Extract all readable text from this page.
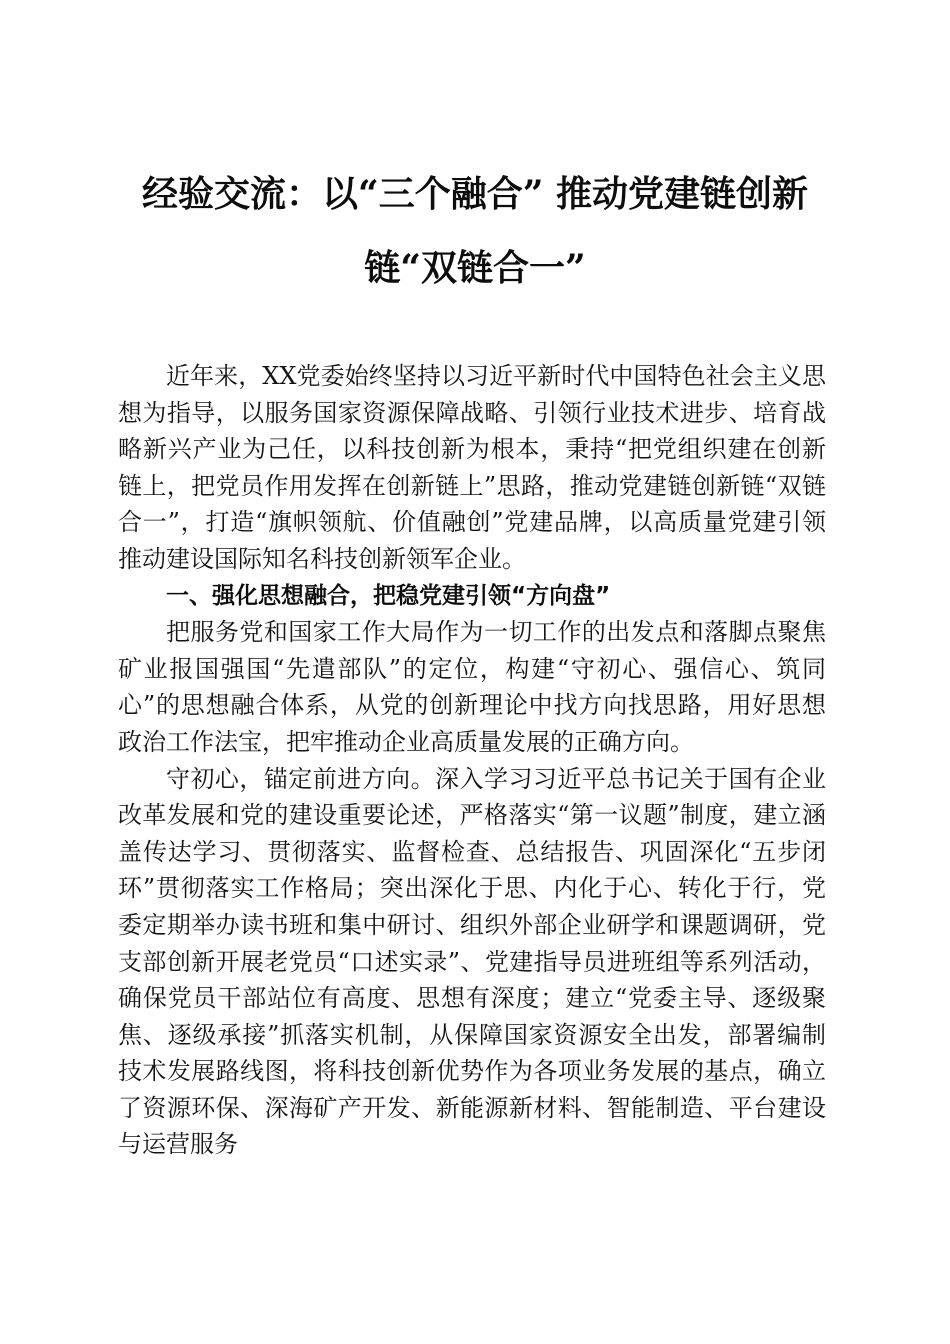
经验交流：以“三个融合” 推动党建链创新
链“双链合一”

近年来，XX党委始终坚持以习近平新时代中国特色社会主义思想为指导，以服务国家资源保障战略、引领行业技术进步、培育战略新兴产业为己任，以科技创新为根本，秉持“把党组织建在创新链上，把党员作用发挥在创新链上”思路，推动党建链创新链“双链合一”，打造“旗帜领航、价值融创”党建品牌，以高质量党建引领推动建设国际知名科技创新领军企业。

一、强化思想融合，把稳党建引领“方向盘”

把服务党和国家工作大局作为一切工作的出发点和落脚点聚焦矿业报国强国“先遣部队”的定位，构建“守初心、强信心、筑同心”的思想融合体系，从党的创新理论中找方向找思路，用好思想政治工作法宝，把牢推动企业高质量发展的正确方向。

守初心，锚定前进方向。深入学习习近平总书记关于国有企业改革发展和党的建设重要论述，严格落实“第一议题”制度，建立涵盖传达学习、贯彻落实、监督检查、总结报告、巩固深化“五步闭环”贯彻落实工作格局；突出深化于思、内化于心、转化于行，党委定期举办读书班和集中研讨、组织外部企业研学和课题调研，党支部创新开展老党员“口述实录”、党建指导员进班组等系列活动，确保党员干部站位有高度、思想有深度；建立“党委主导、逐级聚焦、逐级承接”抓落实机制，从保障国家资源安全出发，部署编制技术发展路线图，将科技创新优势作为各项业务发展的基点，确立了资源环保、深海矿产开发、新能源新材料、智能制造、平台建设与运营服务
